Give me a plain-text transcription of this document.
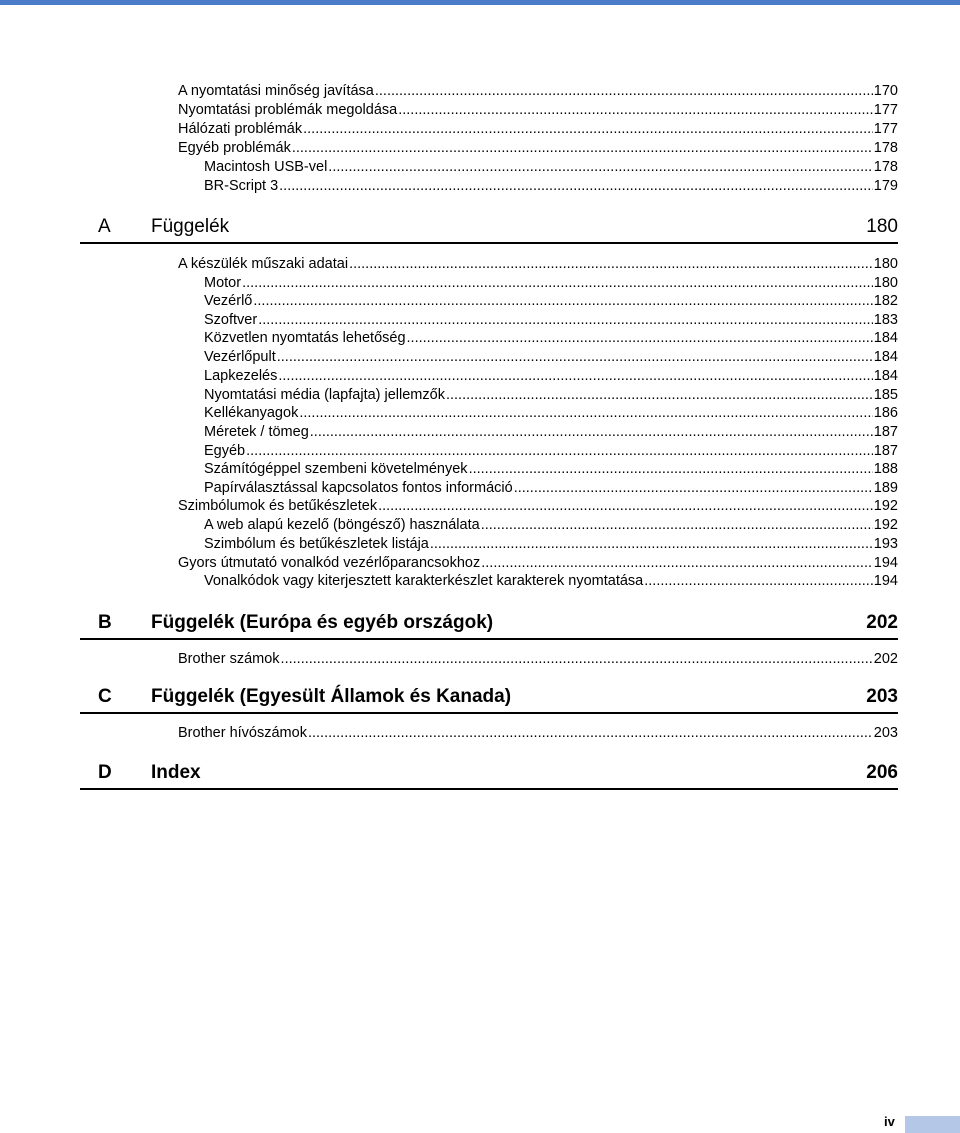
A nyomtatási minőség javítása .....	170
Nyomtatási problémák megoldása .....	177
Hálózati problémák .....	177
Egyéb problémák .....	178
Macintosh USB-vel .....	178
BR-Script 3 .....	179
A Függelék	180
A készülék műszaki adatai .....	180
Motor .....	180
Vezérlő .....	182
Szoftver .....	183
Közvetlen nyomtatás lehetőség .....	184
Vezérlőpult .....	184
Lapkezelés .....	184
Nyomtatási média (lapfajta) jellemzők .....	185
Kellékanyagok .....	186
Méretek / tömeg .....	187
Egyéb .....	187
Számítógéppel szembeni követelmények .....	188
Papírválasztással kapcsolatos fontos információ .....	189
Szimbólumok és betűkészletek .....	192
A web alapú kezelő (böngésző) használata .....	192
Szimbólum és betűkészletek listája .....	193
Gyors útmutató vonalkód vezérlőparancsokhoz .....	194
Vonalkódok vagy kiterjesztett karakterkészlet karakterek nyomtatása .....	194
B Függelék (Európa és egyéb országok)	202
Brother számok .....	202
C Függelék (Egyesült Államok és Kanada)	203
Brother hívószámok .....	203
D Index	206
iv
